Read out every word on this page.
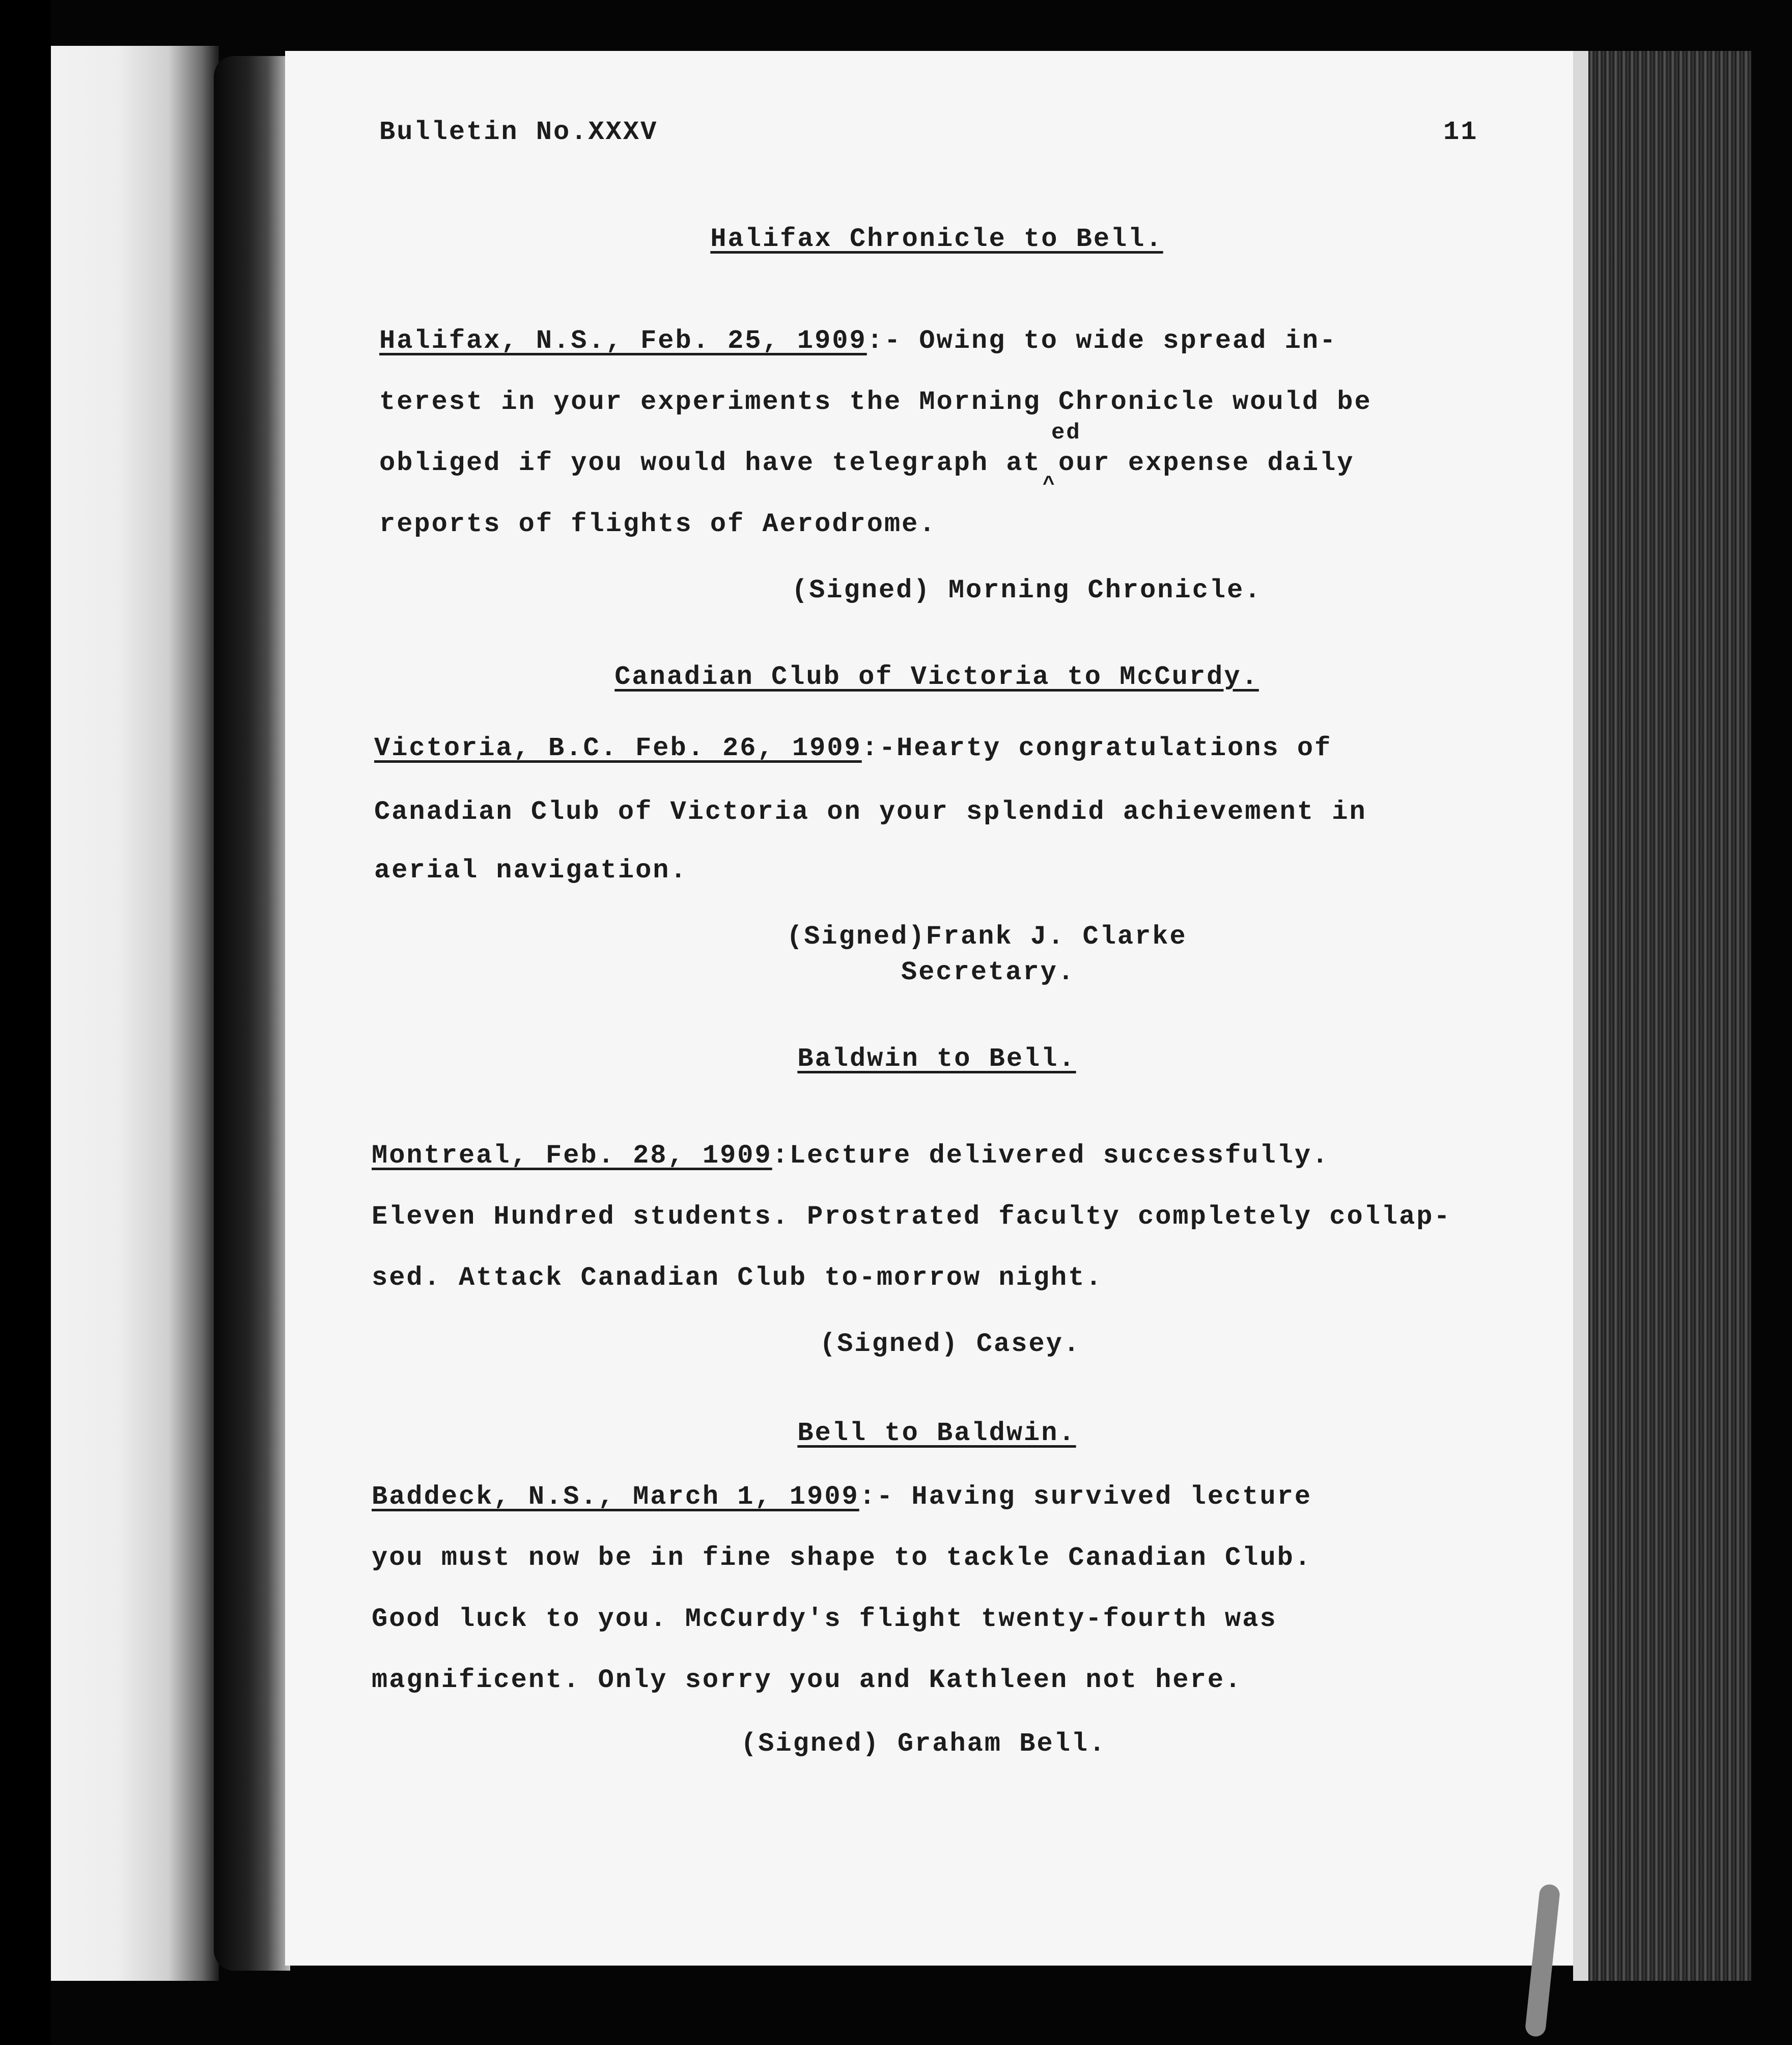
Bulletin No.XXXV	11
Halifax Chronicle to Bell.
Halifax, N.S., Feb. 25, 1909:- Owing to wide spread in-
terest in your experiments the Morning Chronicle would be
ed
^
obliged if you would have telegraph at our expense daily
reports of flights of Aerodrome.
(Signed) Morning Chronicle.
Canadian Club of Victoria to McCurdy.
Victoria, B.C. Feb. 26, 1909:-Hearty congratulations of
Canadian Club of Victoria on your splendid achievement in
aerial navigation.
(Signed)Frank J. Clarke
Secretary.
Baldwin to Bell.
Montreal, Feb. 28, 1909:Lecture delivered successfully.
Eleven Hundred students. Prostrated faculty completely collap-
sed. Attack Canadian Club to-morrow night.
(Signed) Casey.
Bell to Baldwin.
Baddeck, N.S., March 1, 1909:- Having survived lecture
you must now be in fine shape to tackle Canadian Club.
Good luck to you. McCurdy's flight twenty-fourth was
magnificent. Only sorry you and Kathleen not here.
(Signed) Graham Bell.
